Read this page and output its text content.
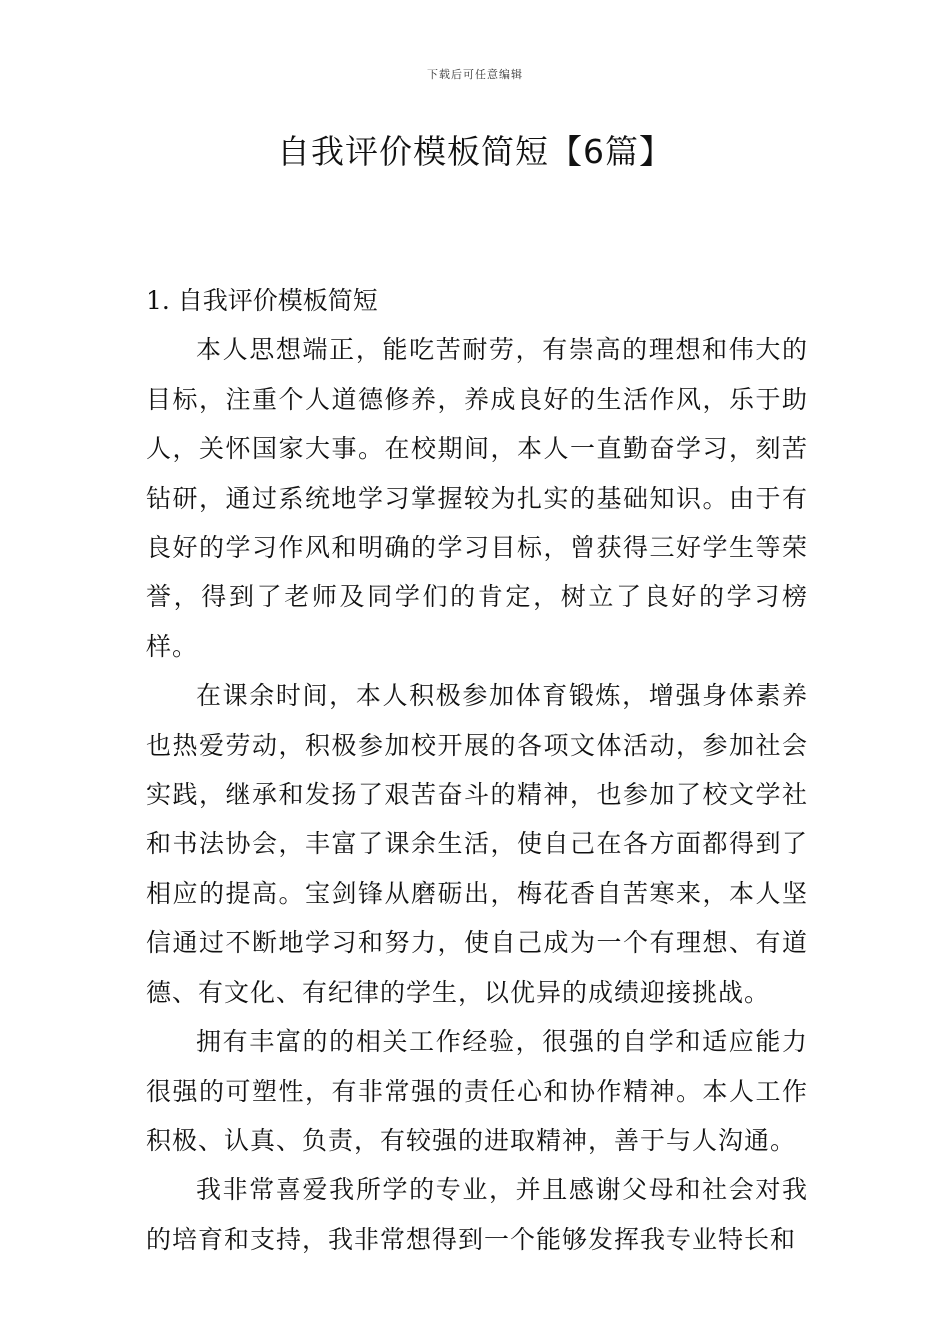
下载后可任意编辑
自我评价模板简短【6篇】
1. 自我评价模板简短

本人思想端正，能吃苦耐劳，有崇高的理想和伟大的目标，注重个人道德修养，养成良好的生活作风，乐于助人，关怀国家大事。在校期间，本人一直勤奋学习，刻苦钻研，通过系统地学习掌握较为扎实的基础知识。由于有良好的学习作风和明确的学习目标，曾获得三好学生等荣誉，得到了老师及同学们的肯定，树立了良好的学习榜样。

在课余时间，本人积极参加体育锻炼，增强身体素养也热爱劳动，积极参加校开展的各项文体活动，参加社会实践，继承和发扬了艰苦奋斗的精神，也参加了校文学社和书法协会，丰富了课余生活，使自己在各方面都得到了相应的提高。宝剑锋从磨砺出，梅花香自苦寒来，本人坚信通过不断地学习和努力，使自己成为一个有理想、有道德、有文化、有纪律的学生，以优异的成绩迎接挑战。

拥有丰富的的相关工作经验，很强的自学和适应能力很强的可塑性，有非常强的责任心和协作精神。本人工作积极、认真、负责，有较强的进取精神，善于与人沟通。

我非常喜爱我所学的专业，并且感谢父母和社会对我的培育和支持，我非常想得到一个能够发挥我专业特长和
